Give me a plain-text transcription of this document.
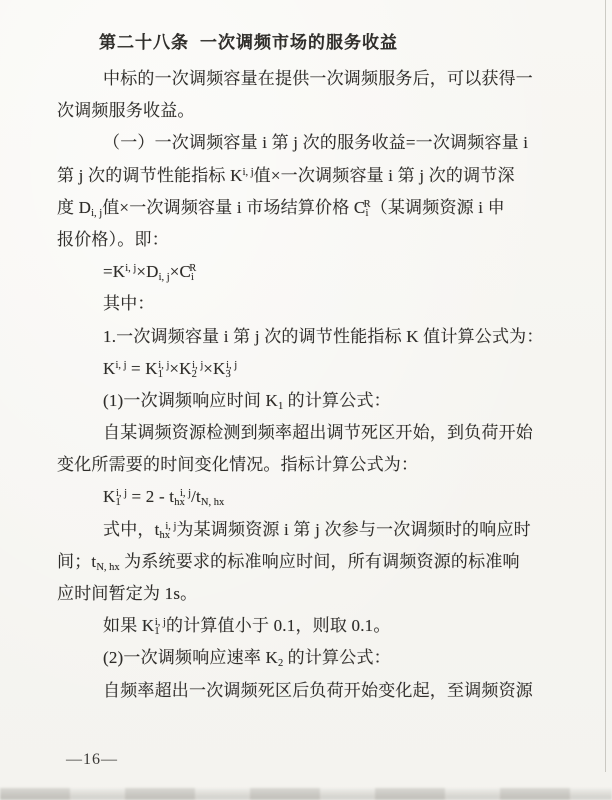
第二十八条 一次调频市场的服务收益
中标的一次调频容量在提供一次调频服务后，可以获得一
次调频服务收益。
（一）一次调频容量 i 第 j 次的服务收益=一次调频容量 i
第 j 次的调节性能指标 K$^{i, j}$值×一次调频容量 i 第 j 次的调节深
度 $D_{i, j}$值×一次调频容量 i 市场结算价格 $C_i^R$（某调频资源 i 申
报价格）。即：
$=K^{i, j}\times D_{i, j}\times C_i^R$
其中：
1.一次调频容量 i 第 j 次的调节性能指标 K 值计算公式为：
$K^{i, j} = K_1^{i, j}\times K_2^{i, j}\times K_3^{i, j}$
(1)一次调频响应时间 $K_1$ 的计算公式：
自某调频资源检测到频率超出调节死区开始，到负荷开始
变化所需要的时间变化情况。指标计算公式为：
$K_1^{i, j} = 2 - t_{hx}^{i, j}/t_{N, hx}$
式中，$t_{hx}^{i, j}$为某调频资源 i 第 j 次参与一次调频时的响应时
间；$t_{N, hx}$ 为系统要求的标准响应时间，所有调频资源的标准响
应时间暂定为 1s。
如果 $K_1^{i, j}$的计算值小于 0.1，则取 0.1。
(2)一次调频响应速率 $K_2$ 的计算公式：
自频率超出一次调频死区后负荷开始变化起，至调频资源
—16—
